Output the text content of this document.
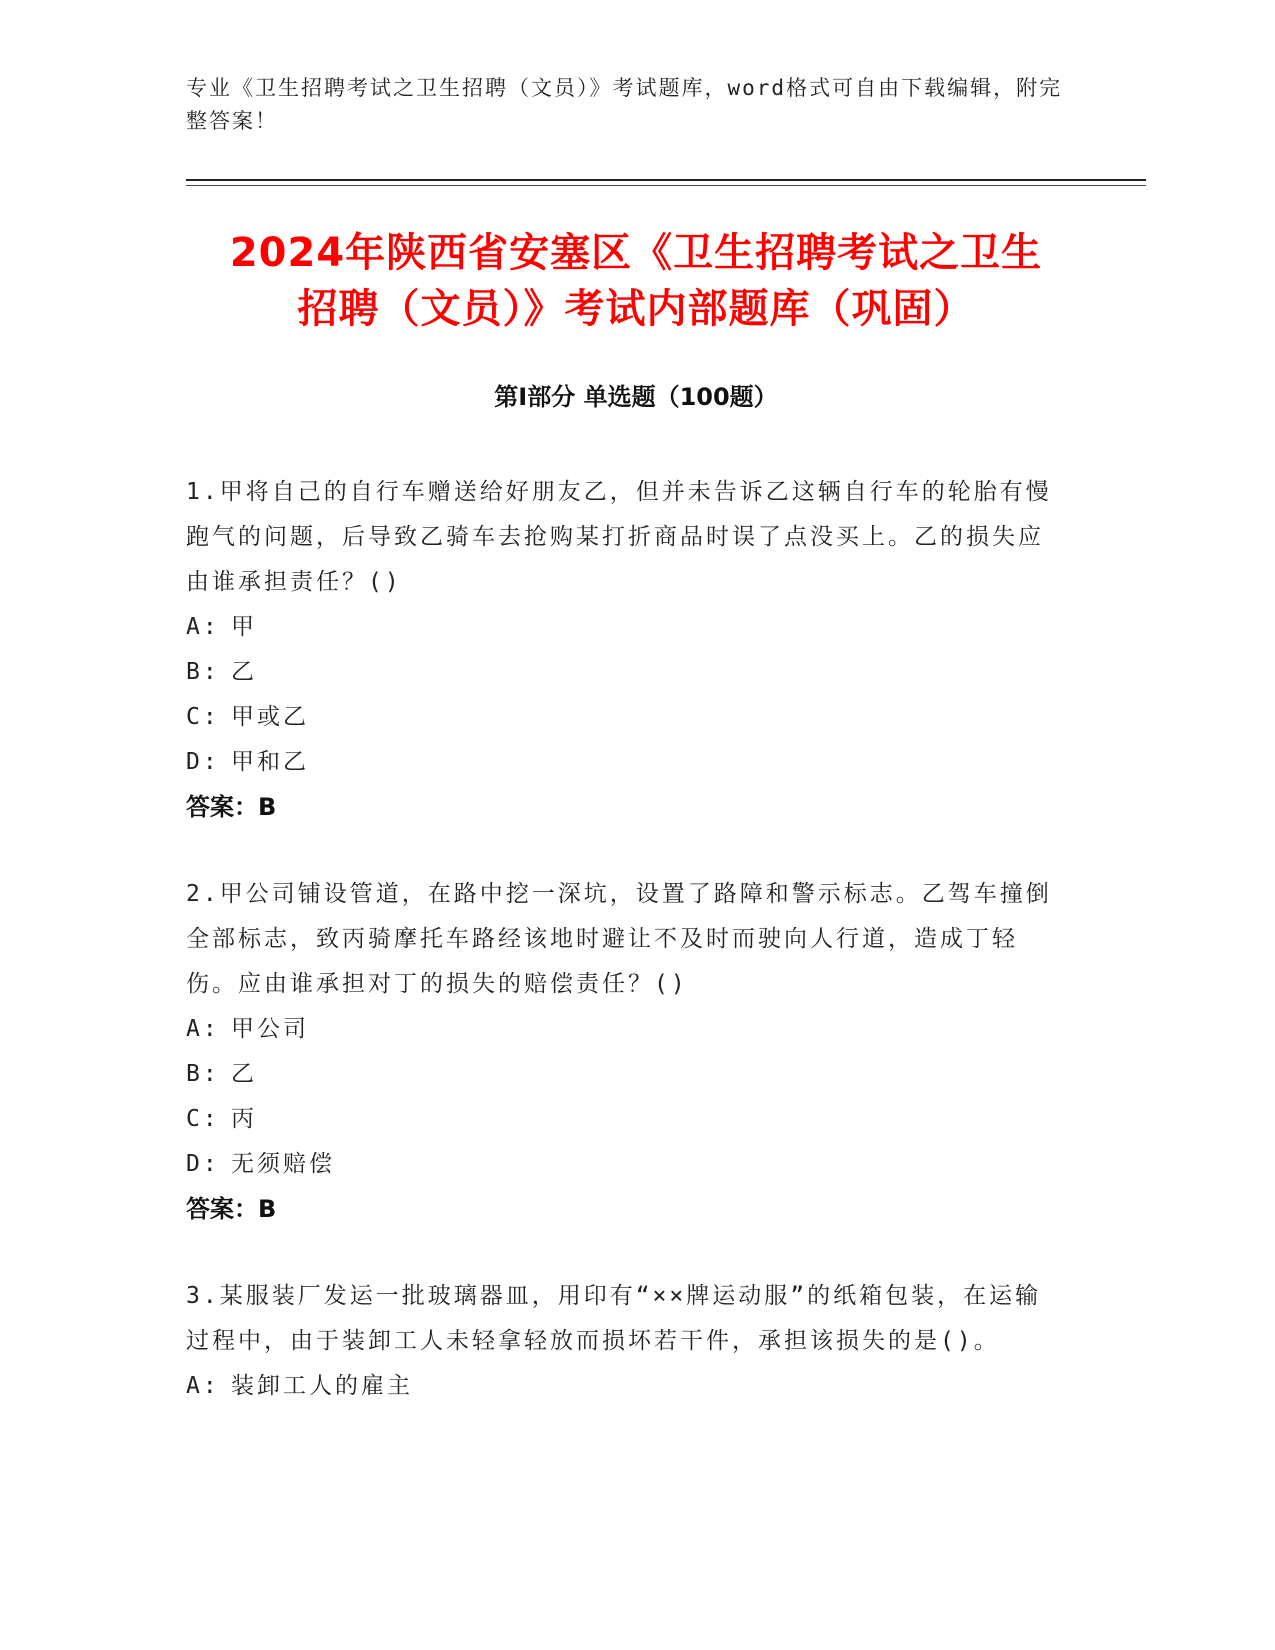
专业《卫生招聘考试之卫生招聘（文员）》考试题库，word格式可自由下载编辑，附完整答案！
2024年陕西省安塞区《卫生招聘考试之卫生
招聘（文员）》考试内部题库（巩固）
第Ⅰ部分 单选题（100题）
1.甲将自己的自行车赠送给好朋友乙，但并未告诉乙这辆自行车的轮胎有慢跑气的问题，后导致乙骑车去抢购某打折商品时误了点没买上。乙的损失应由谁承担责任？()
A: 甲
B: 乙
C: 甲或乙
D: 甲和乙
答案：B
2.甲公司铺设管道，在路中挖一深坑，设置了路障和警示标志。乙驾车撞倒全部标志，致丙骑摩托车路经该地时避让不及时而驶向人行道，造成丁轻伤。应由谁承担对丁的损失的赔偿责任？()
A: 甲公司
B: 乙
C: 丙
D: 无须赔偿
答案：B
3.某服装厂发运一批玻璃器皿，用印有“××牌运动服”的纸箱包装，在运输过程中，由于装卸工人未轻拿轻放而损坏若干件，承担该损失的是()。
A: 装卸工人的雇主
